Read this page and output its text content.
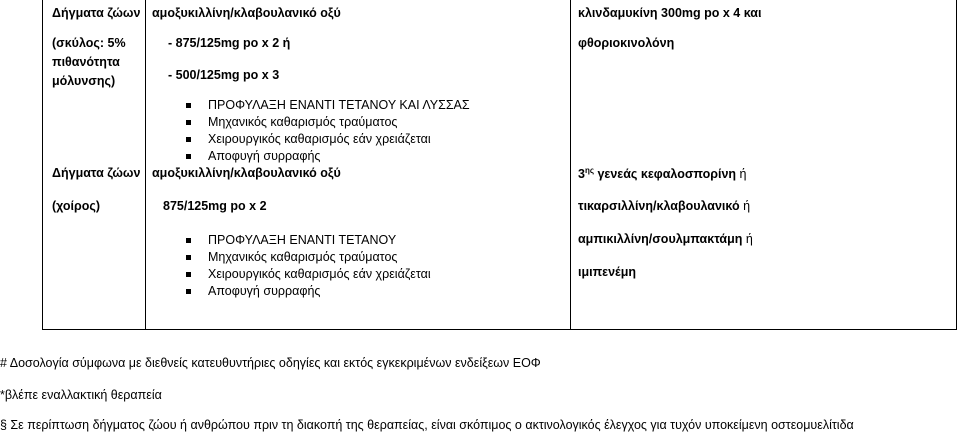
Δήγματα ζώων
(σκύλος: 5%
πιθανότητα
μόλυνσης)
αμοξυκιλλίνη/κλαβουλανικό οξύ
- 875/125mg po x 2 ή
- 500/125mg po x 3
ΠΡΟΦΥΛΑΞΗ ΕΝΑΝΤΙ ΤΕΤΑΝΟΥ ΚΑΙ ΛΥΣΣΑΣ
Μηχανικός καθαρισμός τραύματος
Χειρουργικός καθαρισμός εάν χρειάζεται
Αποφυγή συρραφής
κλινδαμυκίνη 300mg po x 4 και
φθοριοκινολόνη
Δήγματα ζώων
(χοίρος)
αμοξυκιλλίνη/κλαβουλανικό οξύ
875/125mg po x 2
ΠΡΟΦΥΛΑΞΗ ΕΝΑΝΤΙ ΤΕΤΑΝΟΥ
Μηχανικός καθαρισμός τραύματος
Χειρουργικός καθαρισμός εάν χρειάζεται
Αποφυγή συρραφής
$3^{\eta\varsigma}$ γενεάς κεφαλοσπορίνη ή
τικαρσιλλίνη/κλαβουλανικό ή
αμπικιλλίνη/σουλμπακτάμη ή
ιμιπενέμη
# Δοσολογία σύμφωνα με διεθνείς κατευθυντήριες οδηγίες και εκτός εγκεκριμένων ενδείξεων ΕΟΦ
*βλέπε εναλλακτική θεραπεία
§ Σε περίπτωση δήγματος ζώου ή ανθρώπου πριν τη διακοπή της θεραπείας, είναι σκόπιμος ο ακτινολογικός έλεγχος για τυχόν υποκείμενη οστεομυελίτιδα
